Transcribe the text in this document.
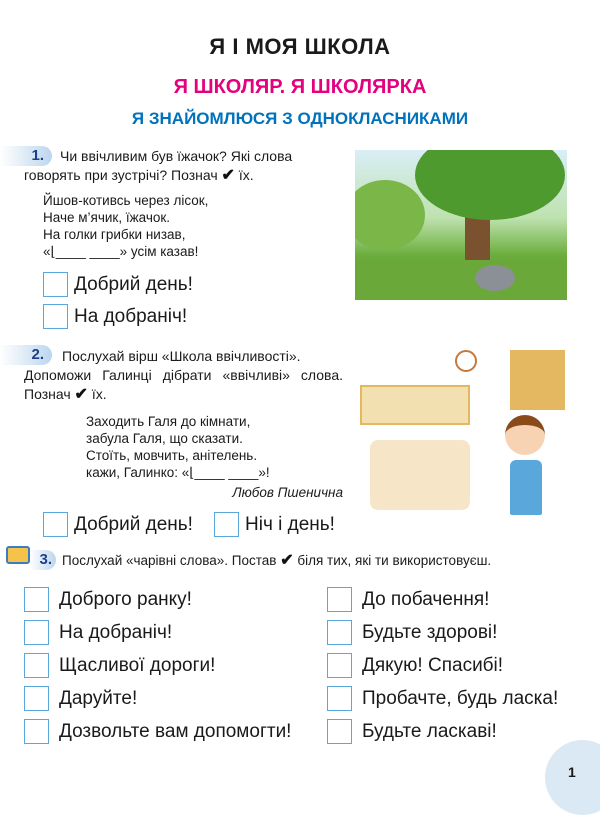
Я І МОЯ ШКОЛА
Я ШКОЛЯР. Я ШКОЛЯРКА
Я ЗНАЙОМЛЮСЯ З ОДНОКЛАСНИКАМИ
1.	Чи ввічливим був їжачок? Які слова
говорять при зустрічі? Познач ✔ їх.
Йшов-котивсь через лісок,
Наче м’ячик, їжачок.
На голки грибки низав,
«⌊____ ____» усім казав!
Добрий день!
На добраніч!
2.	Послухай вірш «Школа ввічливості».
Допоможи Галинці дібрати «ввічливі» слова.
Познач ✔ їх.
Заходить Галя до кімнати,
забула Галя, що сказати.
Стоїть, мовчить, анітелень.
кажи, Галинко: «⌊____ ____»!
Любов Пшенична
Добрий день!	Ніч і день!
3. Послухай «чарівні слова». Постав ✔ біля тих, які ти використовуєш.
Доброго ранку!
На добраніч!
Щасливої дороги!
Даруйте!
Дозвольте вам допомогти!
До побачення!
Будьте здорові!
Дякую! Спасибі!
Пробачте, будь ласка!
Будьте ласкаві!
1
